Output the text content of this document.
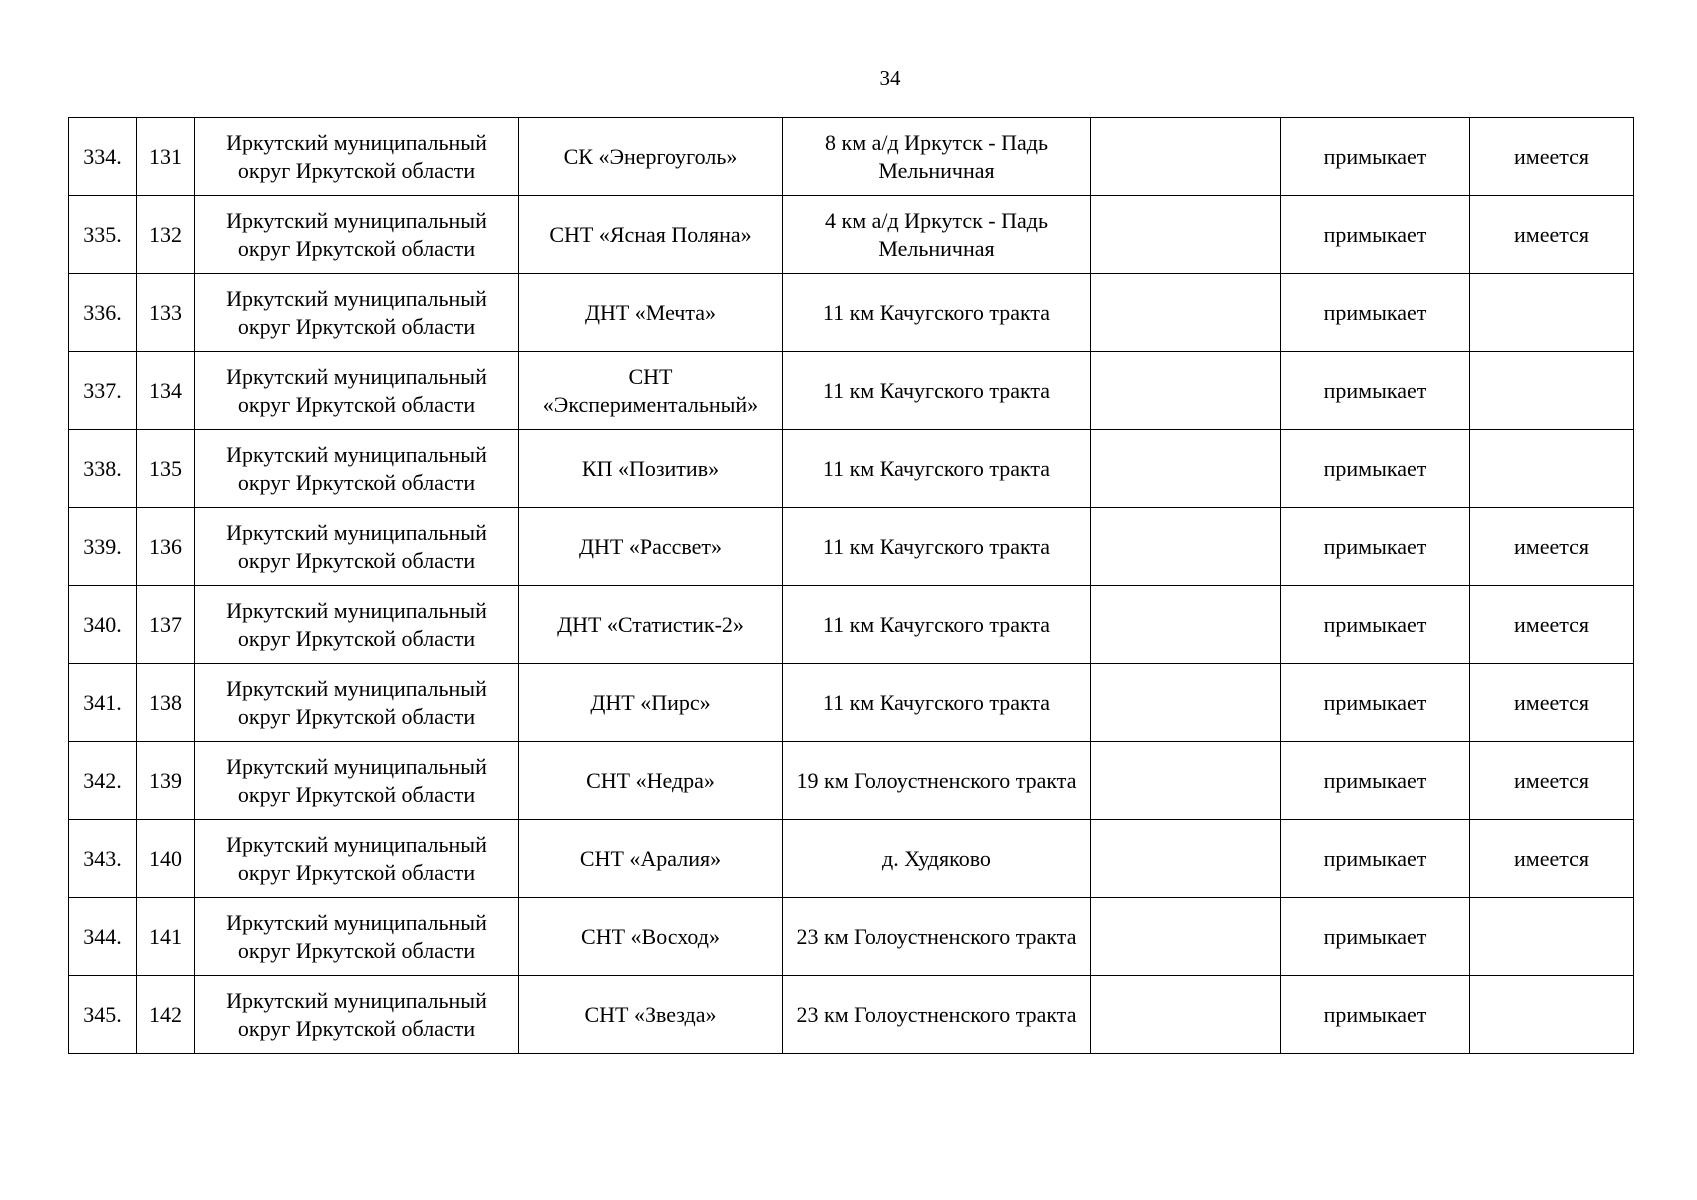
34
334.	131	Иркутский муниципальный округ Иркутской области	СК «Энергоуголь»	8 км а/д Иркутск - Падь Мельничная		примыкает	имеется
335.	132	Иркутский муниципальный округ Иркутской области	СНТ «Ясная Поляна»	4 км а/д Иркутск - Падь Мельничная		примыкает	имеется
336.	133	Иркутский муниципальный округ Иркутской области	ДНТ «Мечта»	11 км Качугского тракта		примыкает	
337.	134	Иркутский муниципальный округ Иркутской области	СНТ «Экспериментальный»	11 км Качугского тракта		примыкает	
338.	135	Иркутский муниципальный округ Иркутской области	КП «Позитив»	11 км Качугского тракта		примыкает	
339.	136	Иркутский муниципальный округ Иркутской области	ДНТ «Рассвет»	11 км Качугского тракта		примыкает	имеется
340.	137	Иркутский муниципальный округ Иркутской области	ДНТ «Статистик-2»	11 км Качугского тракта		примыкает	имеется
341.	138	Иркутский муниципальный округ Иркутской области	ДНТ «Пирс»	11 км Качугского тракта		примыкает	имеется
342.	139	Иркутский муниципальный округ Иркутской области	СНТ «Недра»	19 км Голоустненского тракта		примыкает	имеется
343.	140	Иркутский муниципальный округ Иркутской области	СНТ «Аралия»	д. Худяково		примыкает	имеется
344.	141	Иркутский муниципальный округ Иркутской области	СНТ «Восход»	23 км Голоустненского тракта		примыкает	
345.	142	Иркутский муниципальный округ Иркутской области	СНТ «Звезда»	23 км Голоустненского тракта		примыкает	
